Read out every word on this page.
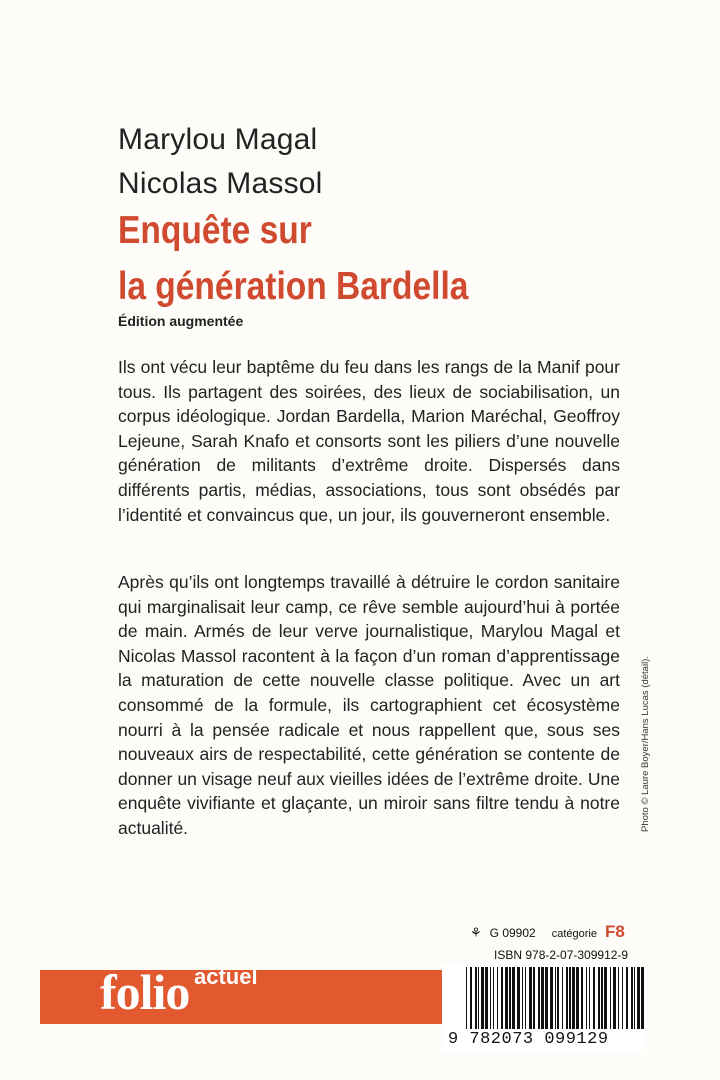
Marylou Magal
Nicolas Massol
Enquête sur
la génération Bardella
Édition augmentée
Ils ont vécu leur baptême du feu dans les rangs de la Manif pour tous. Ils partagent des soirées, des lieux de sociabilisation, un corpus idéologique. Jordan Bardella, Marion Maréchal, Geoffroy Lejeune, Sarah Knafo et consorts sont les piliers d’une nouvelle génération de militants d’extrême droite. Dispersés dans différents partis, médias, associations, tous sont obsédés par l’identité et convaincus que, un jour, ils gouverneront ensemble.
Après qu’ils ont longtemps travaillé à détruire le cordon sanitaire qui marginalisait leur camp, ce rêve semble aujourd’hui à portée de main. Armés de leur verve journalistique, Marylou Magal et Nicolas Massol racontent à la façon d’un roman d’apprentissage la maturation de cette nouvelle classe politique. Avec un art consommé de la formule, ils cartographient cet écosystème nourri à la pensée radicale et nous rappellent que, sous ses nouveaux airs de respectabilité, cette génération se contente de donner un visage neuf aux vieilles idées de l’extrême droite. Une enquête vivifiante et glaçante, un miroir sans filtre tendu à notre actualité.	Photo © Laure Boyer/Hans Lucas (détail).
⚘ G 09902 catégorie F8
ISBN 978-2-07-309912-9
folio actuel
9 782073 099129
